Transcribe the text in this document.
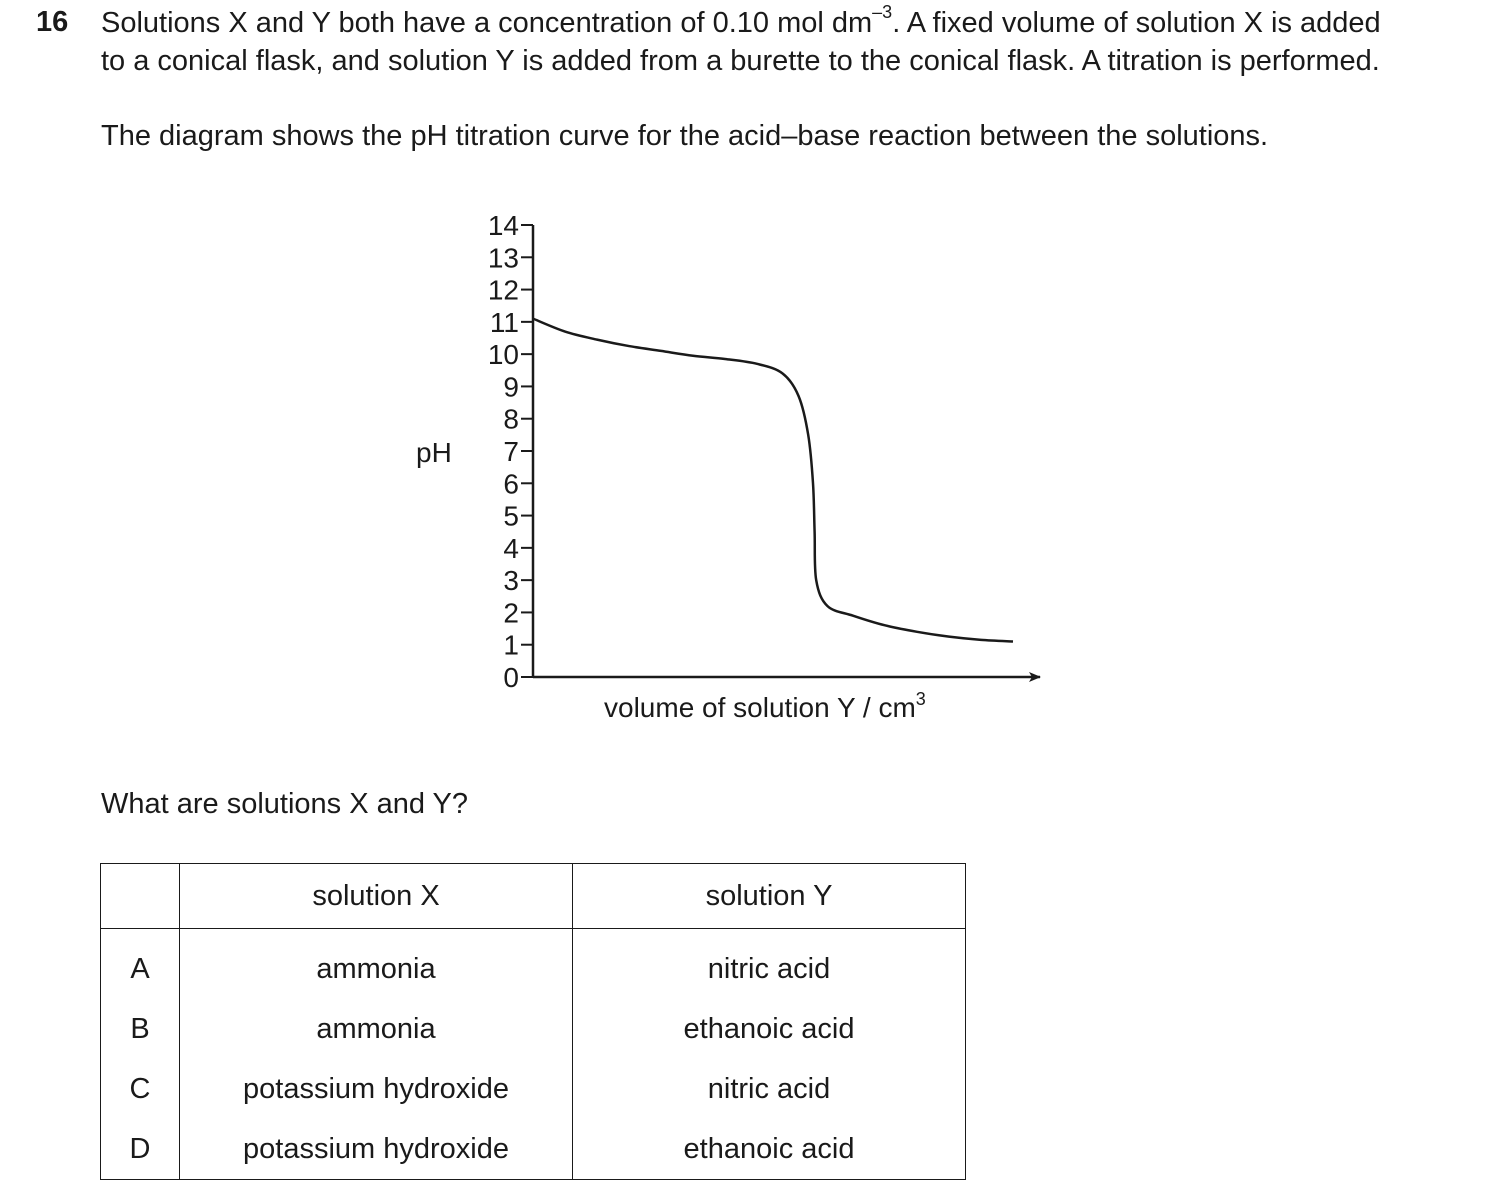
16 Solutions X and Y both have a concentration of 0.10 mol $dm^{-3}$. A fixed volume of solution X is added
to a conical flask, and solution Y is added from a burette to the conical flask. A titration is performed.
The diagram shows the pH titration curve for the acid–base reaction between the solutions.
pH
0
1
2
3
4
5
6
7
8
9
10
11
12
13
14
volume of solution Y / $cm^3$
What are solutions X and Y?
	solution X	solution Y
A	ammonia	nitric acid
B	ammonia	ethanoic acid
C	potassium hydroxide	nitric acid
D	potassium hydroxide	ethanoic acid
